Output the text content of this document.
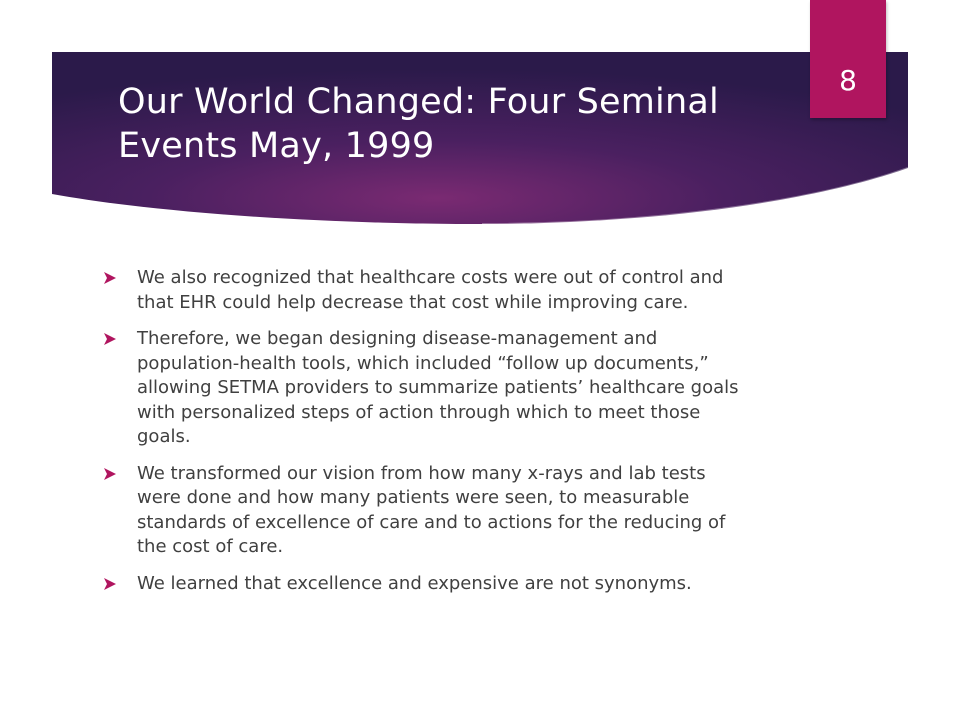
Our World Changed: Four Seminal Events May, 1999
8
We also recognized that healthcare costs were out of control and that EHR could help decrease that cost while improving care.
Therefore, we began designing disease-management and population-health tools, which included “follow up documents,” allowing SETMA providers to summarize patients’ healthcare goals with personalized steps of action through which to meet those goals.
We transformed our vision from how many x-rays and lab tests were done and how many patients were seen, to measurable standards of excellence of care and to actions for the reducing of the cost of care.
We learned that excellence and expensive are not synonyms.
